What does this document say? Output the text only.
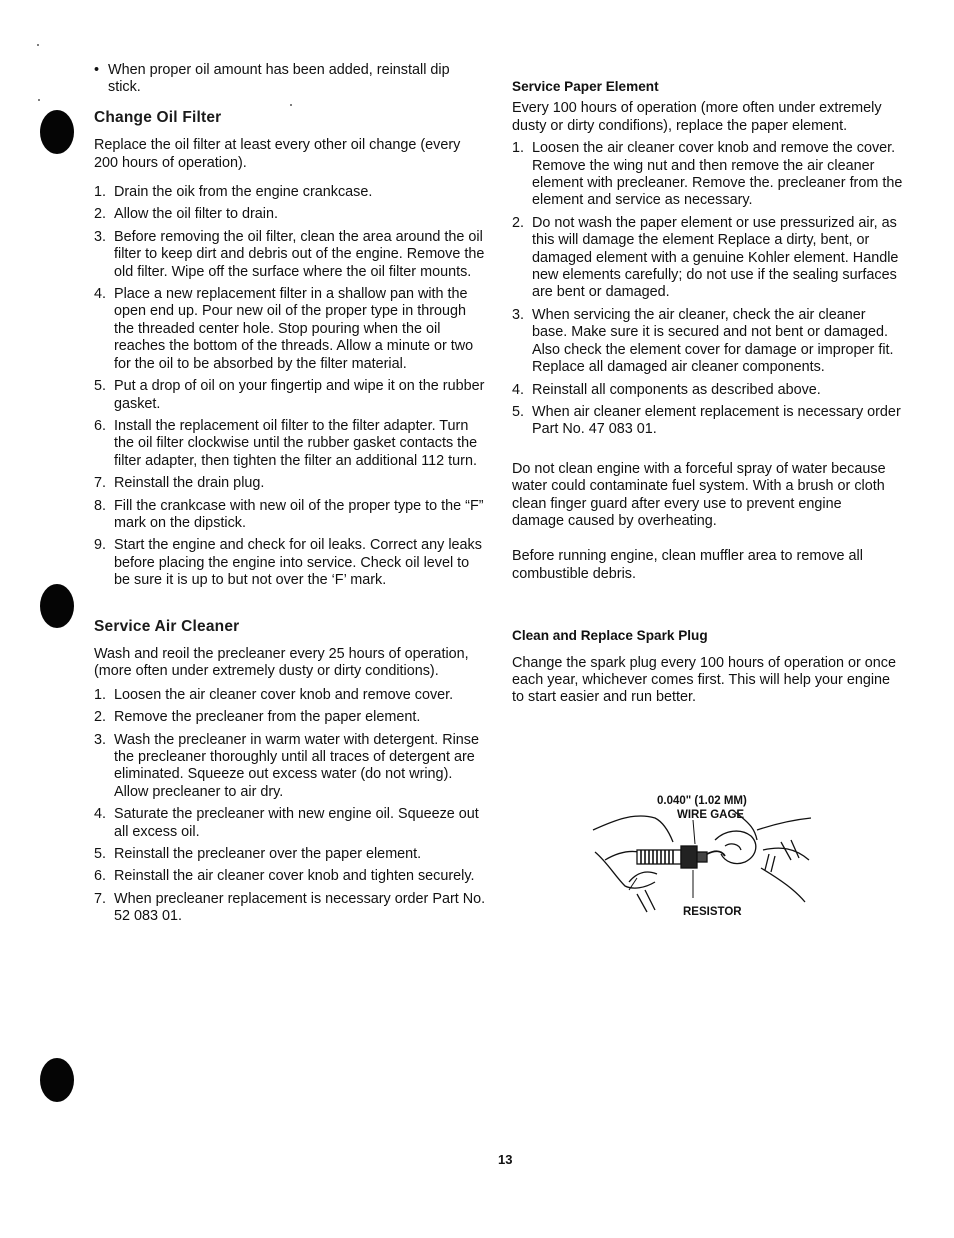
• When proper oil amount has been added, reinstall dip stick.
Change Oil Filter

Replace the oil filter at least every other oil change (every 200 hours of operation).

1. Drain the oik from the engine crankcase.
2. Allow the oil filter to drain.
3. Before removing the oil filter, clean the area around the oil filter to keep dirt and debris out of the engine. Remove the old filter. Wipe off the surface where the oil filter mounts.
4. Place a new replacement filter in a shallow pan with the open end up. Pour new oil of the proper type in through the threaded center hole. Stop pouring when the oil reaches the bottom of the threads. Allow a minute or two for the oil to be absorbed by the filter material.
5. Put a drop of oil on your fingertip and wipe it on the rubber gasket.
6. Install the replacement oil filter to the filter adapter. Turn the oil filter clockwise until the rubber gasket contacts the filter adapter, then tighten the filter an additional 112 turn.
7. Reinstall the drain plug.
8. Fill the crankcase with new oil of the proper type to the “F” mark on the dipstick.
9. Start the engine and check for oil leaks. Correct any leaks before placing the engine into service. Check oil level to be sure it is up to but not over the ‘F’ mark.
Service Air Cleaner

Wash and reoil the precleaner every 25 hours of operation, (more often under extremely dusty or dirty conditions).

1. Loosen the air cleaner cover knob and remove cover.
2. Remove the precleaner from the paper element.
3. Wash the precleaner in warm water with detergent. Rinse the precleaner thoroughly until all traces of detergent are eliminated. Squeeze out excess water (do not wring). Allow precleaner to air dry.
4. Saturate the precleaner with new engine oil. Squeeze out all excess oil.
5. Reinstall the precleaner over the paper element.
6. Reinstall the air cleaner cover knob and tighten securely.
7. When precleaner replacement is necessary order Part No. 52 083 01.
Service Paper Element

Every 100 hours of operation (more often under extremely dusty or dirty condifions), replace the paper element.

1. Loosen the air cleaner cover knob and remove the cover. Remove the wing nut and then remove the air cleaner element with precleaner. Remove the. precleaner from the element and service as necessary.
2. Do not wash the paper element or use pressurized air, as this will damage the element Replace a dirty, bent, or damaged element with a genuine Kohler element. Handle new elements carefully; do not use if the sealing surfaces are bent or damaged.
3. When servicing the air cleaner, check the air cleaner base. Make sure it is secured and not bent or damaged. Also check the element cover for damage or improper fit. Replace all damaged air cleaner components.
4. Reinstall all components as described above.
5. When air cleaner element replacement is necessary order Part No. 47 083 01.

Do not clean engine with a forceful spray of water because water could contaminate fuel system. With a brush or cloth clean finger guard after every use to prevent engine damage caused by overheating.

Before running engine, clean muffler area to remove all combustible debris.

Clean and Replace Spark Plug

Change the spark plug every 100 hours of operation or once each year, whichever comes first. This will help your engine to start easier and run better.

0.040" (1.02 MM)
WIRE GAGE
RESISTOR
13
